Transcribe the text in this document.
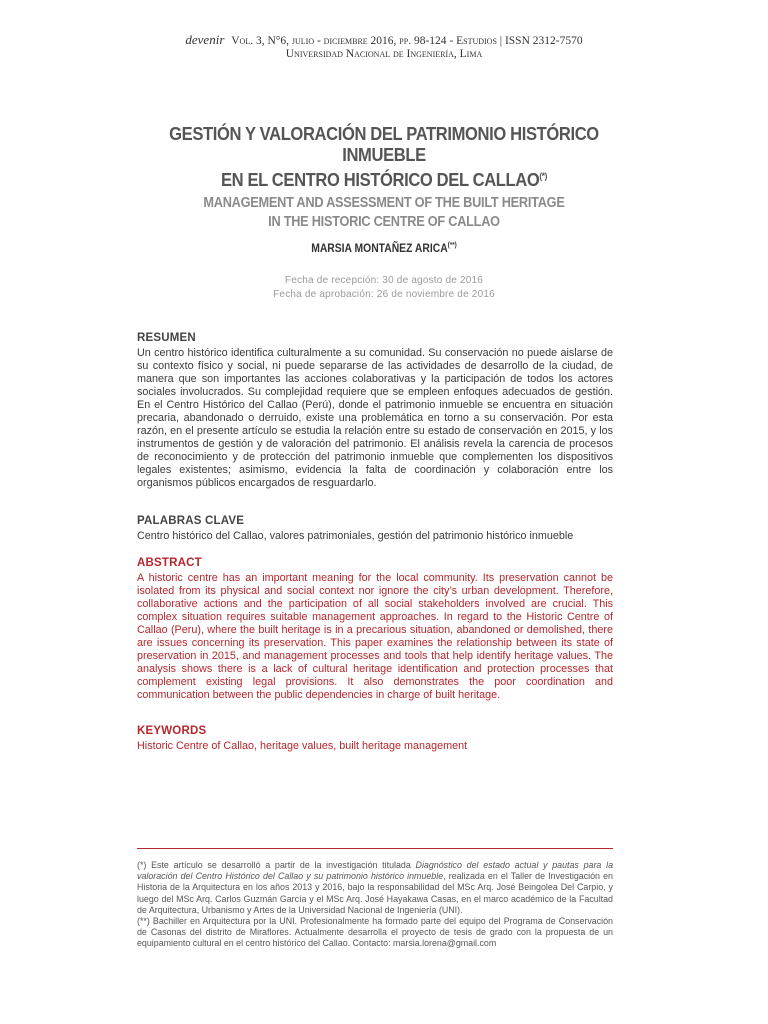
devenir Vol. 3, N°6, julio - diciembre 2016, pp. 98-124 - Estudios | ISSN 2312-7570
Universidad Nacional de Ingeniería, Lima
GESTIÓN Y VALORACIÓN DEL PATRIMONIO HISTÓRICO INMUEBLE
EN EL CENTRO HISTÓRICO DEL CALLAO(*)
MANAGEMENT AND ASSESSMENT OF THE BUILT HERITAGE
IN THE HISTORIC CENTRE OF CALLAO
MARSIA MONTAÑEZ ARICA(**)
Fecha de recepción: 30 de agosto de 2016
Fecha de aprobación: 26 de noviembre de 2016

RESUMEN

Un centro histórico identifica culturalmente a su comunidad. Su conservación no puede aislarse de su contexto físico y social, ni puede separarse de las actividades de desarrollo de la ciudad, de manera que son importantes las acciones colaborativas y la participación de todos los actores sociales involucrados. Su complejidad requiere que se empleen enfoques adecuados de gestión. En el Centro Histórico del Callao (Perú), donde el patrimonio inmueble se encuentra en situación precaria, abandonado o derruido, existe una problemática en torno a su conservación. Por esta razón, en el presente artículo se estudia la relación entre su estado de conservación en 2015, y los instrumentos de gestión y de valoración del patrimonio. El análisis revela la carencia de procesos de reconocimiento y de protección del patrimonio inmueble que complementen los dispositivos legales existentes; asimismo, evidencia la falta de coordinación y colaboración entre los organismos públicos encargados de resguardarlo.

PALABRAS CLAVE

Centro histórico del Callao, valores patrimoniales, gestión del patrimonio histórico inmueble

ABSTRACT

A historic centre has an important meaning for the local community. Its preservation cannot be isolated from its physical and social context nor ignore the city’s urban development. Therefore, collaborative actions and the participation of all social stakeholders involved are crucial. This complex situation requires suitable management approaches. In regard to the Historic Centre of Callao (Peru), where the built heritage is in a precarious situation, abandoned or demolished, there are issues concerning its preservation. This paper examines the relationship between its state of preservation in 2015, and management processes and tools that help identify heritage values. The analysis shows there is a lack of cultural heritage identification and protection processes that complement existing legal provisions. It also demonstrates the poor coordination and communication between the public dependencies in charge of built heritage.

KEYWORDS

Historic Centre of Callao, heritage values, built heritage management

(*) Este artículo se desarrolló a partir de la investigación titulada Diagnóstico del estado actual y pautas para la valoración del Centro Histórico del Callao y su patrimonio histórico inmueble, realizada en el Taller de Investigación en Historia de la Arquitectura en los años 2013 y 2016, bajo la responsabilidad del MSc Arq. José Beingolea Del Carpio, y luego del MSc Arq. Carlos Guzmán García y el MSc Arq. José Hayakawa Casas, en el marco académico de la Facultad de Arquitectura, Urbanismo y Artes de la Universidad Nacional de Ingeniería (UNI).

(**) Bachiller en Arquitectura por la UNI. Profesionalmente ha formado parte del equipo del Programa de Conservación de Casonas del distrito de Miraflores. Actualmente desarrolla el proyecto de tesis de grado con la propuesta de un equipamiento cultural en el centro histórico del Callao. Contacto: marsia.lorena@gmail.com
